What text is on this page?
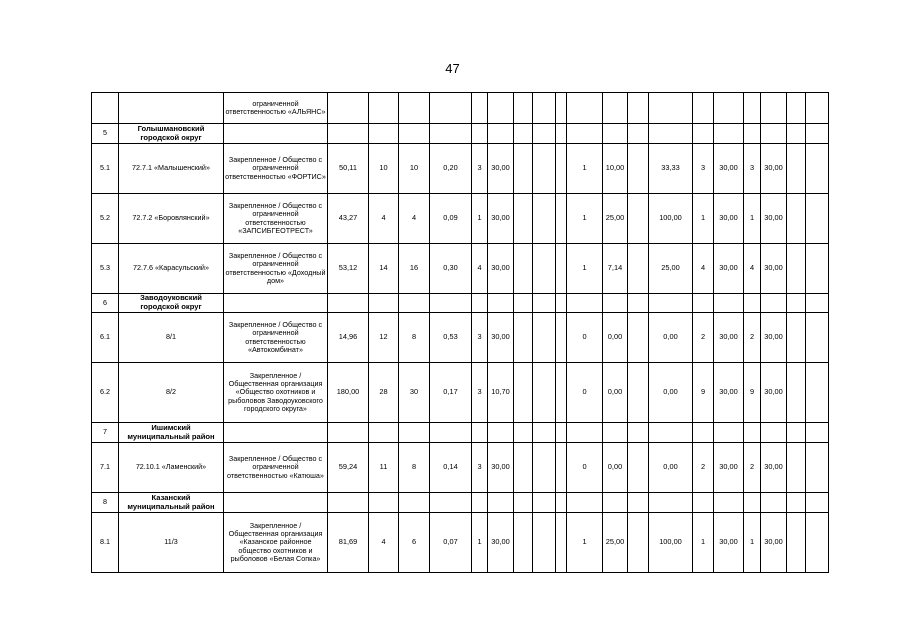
47
		ограниченной ответственностью «АЛЬЯНС»																			
5	Голышмановский городской округ																				
5.1	72.7.1 «Малышенский»	Закрепленное / Общество с ограниченной ответственностью «ФОРТИС»	50,11	10	10	0,20	3	30,00				1	10,00		33,33	3	30,00	3	30,00		
5.2	72.7.2 «Боровлянский»	Закрепленное / Общество с ограниченной ответственностью «ЗАПСИБГЕОТРЕСТ»	43,27	4	4	0,09	1	30,00				1	25,00		100,00	1	30,00	1	30,00		
5.3	72.7.6 «Карасульский»	Закрепленное / Общество с ограниченной ответственностью «Доходный дом»	53,12	14	16	0,30	4	30,00				1	7,14		25,00	4	30,00	4	30,00		
6	Заводоуковский городской округ																				
6.1	8/1	Закрепленное / Общество с ограниченной ответственностью «Автокомбинат»	14,96	12	8	0,53	3	30,00				0	0,00		0,00	2	30,00	2	30,00		
6.2	8/2	Закрепленное / Общественная организация «Общество охотников и рыболовов Заводоуковского городского округа»	180,00	28	30	0,17	3	10,70				0	0,00		0,00	9	30,00	9	30,00		
7	Ишимский муниципальный район																				
7.1	72.10.1 «Ламенский»	Закрепленное / Общество с ограниченной ответственностью «Катюша»	59,24	11	8	0,14	3	30,00				0	0,00		0,00	2	30,00	2	30,00		
8	Казанский муниципальный район																				
8.1	11/3	Закрепленное / Общественная организация «Казанское районное общество охотников и рыболовов «Белая Сопка»	81,69	4	6	0,07	1	30,00				1	25,00		100,00	1	30,00	1	30,00		
